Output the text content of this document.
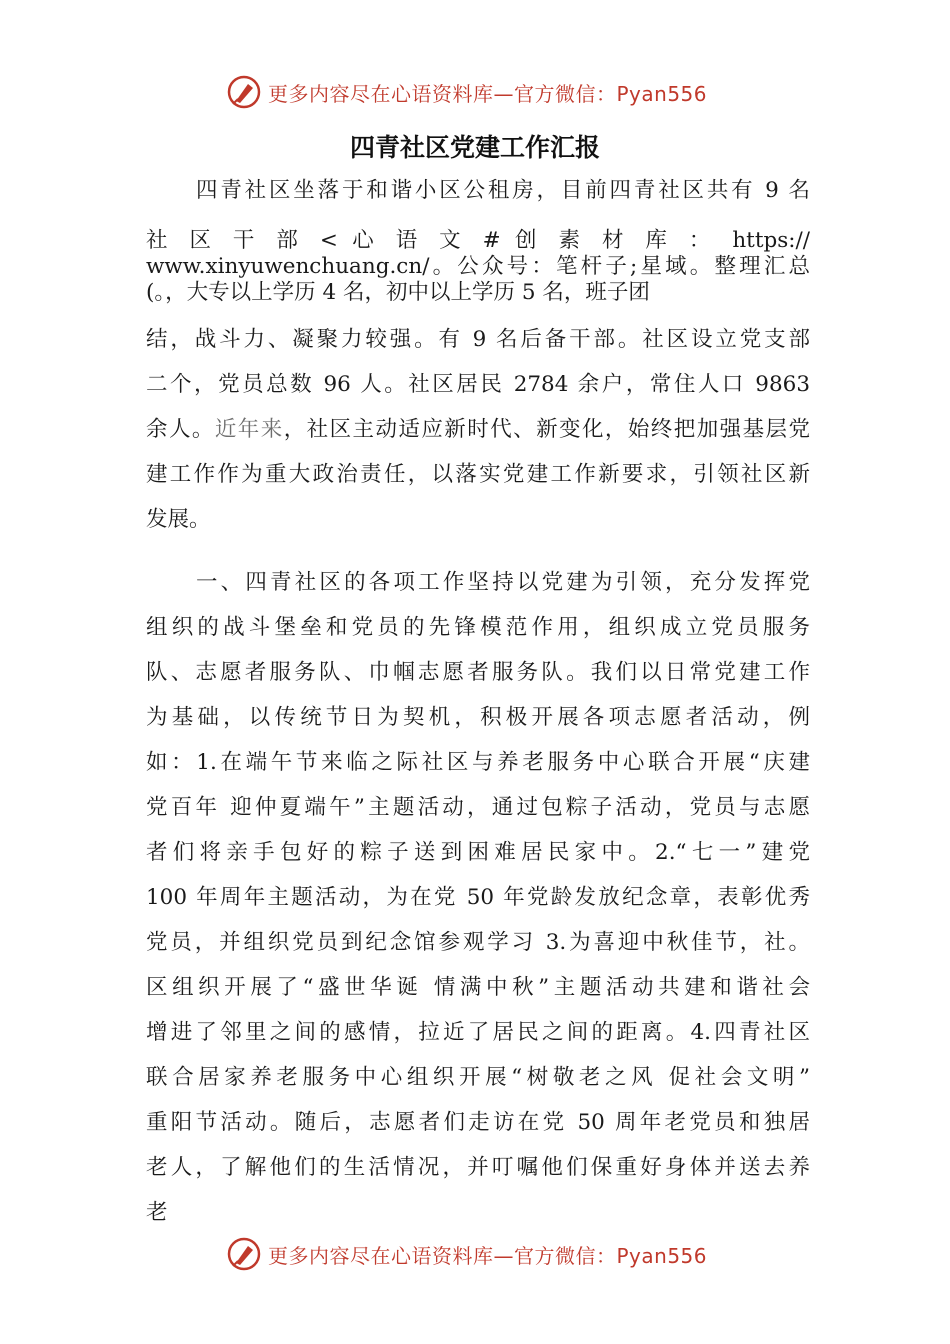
更多内容尽在心语资料库—官方微信：Pyan556
四青社区党建工作汇报
四青社区坐落于和谐小区公租房，目前四青社区共有 9 名
社 区 干 部 < 心 语 文 # 创 素 材 库 ： https://
www.xinyuwenchuang.cn/。公众号：笔杆子;星域。整理汇总
(。，大专以上学历 4 名，初中以上学历 5 名，班子团
结，战斗力、凝聚力较强。有 9 名后备干部。社区设立党支部
二个，党员总数 96 人。社区居民 2784 余户，常住人口 9863
余人。近年来，社区主动适应新时代、新变化，始终把加强基层党
建工作作为重大政治责任，以落实党建工作新要求，引领社区新
发展。
一、四青社区的各项工作坚持以党建为引领，充分发挥党
组织的战斗堡垒和党员的先锋模范作用，组织成立党员服务
队、志愿者服务队、巾帼志愿者服务队。我们以日常党建工作
为基础，以传统节日为契机，积极开展各项志愿者活动，例
如：1.在端午节来临之际社区与养老服务中心联合开展“庆建
党百年 迎仲夏端午”主题活动，通过包粽子活动，党员与志愿
者们将亲手包好的粽子送到困难居民家中。2.“七一”建党
100 年周年主题活动，为在党 50 年党龄发放纪念章，表彰优秀
党员，并组织党员到纪念馆参观学习 3.为喜迎中秋佳节，社。
区组织开展了“盛世华诞 情满中秋”主题活动共建和谐社会
增进了邻里之间的感情，拉近了居民之间的距离。4.四青社区
联合居家养老服务中心组织开展“树敬老之风 促社会文明”
重阳节活动。随后，志愿者们走访在党 50 周年老党员和独居
老人，了解他们的生活情况，并叮嘱他们保重好身体并送去养
老
更多内容尽在心语资料库—官方微信：Pyan556
